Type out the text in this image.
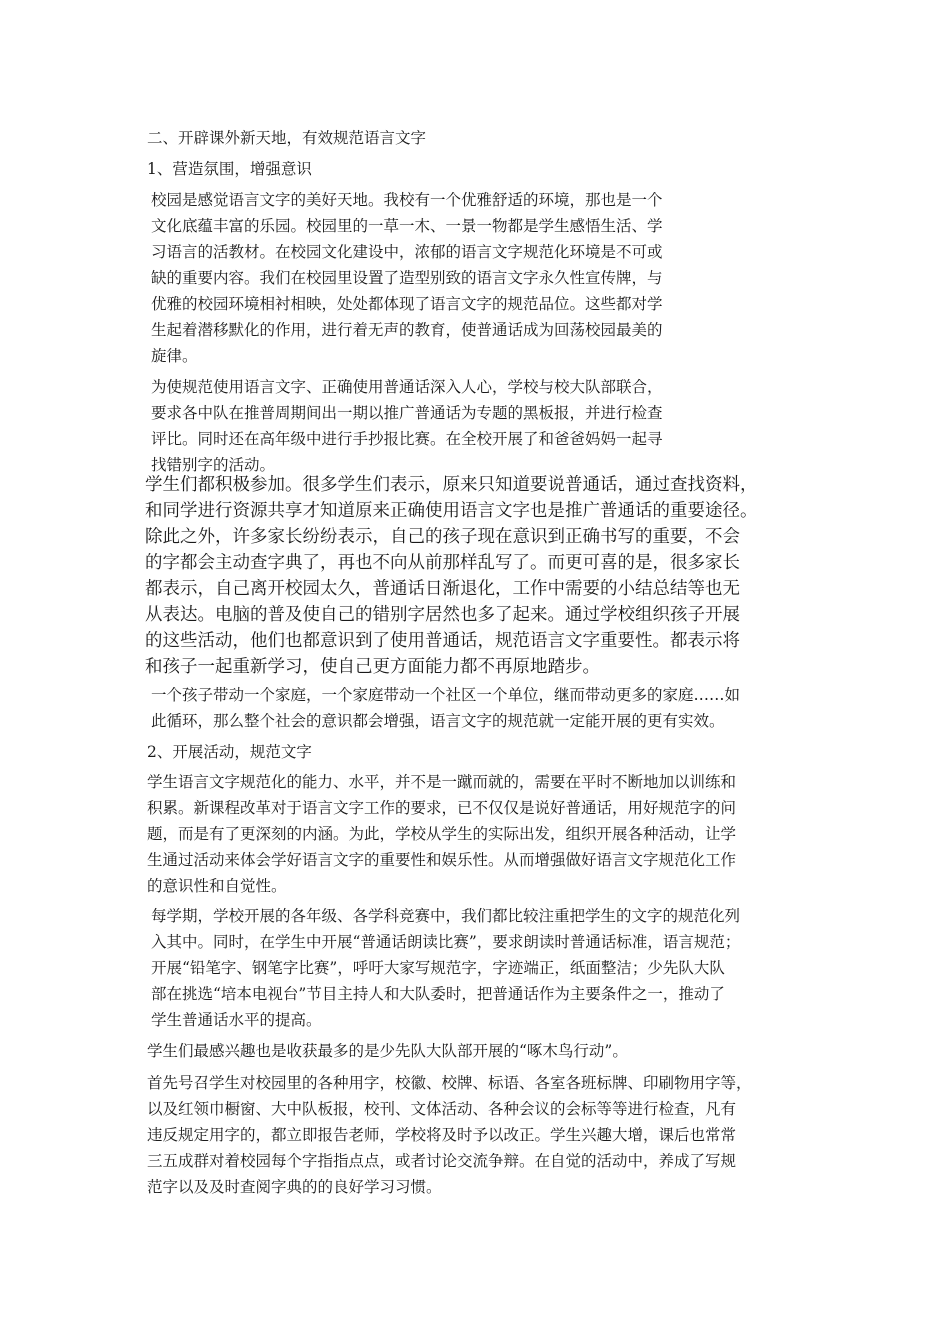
二、开辟课外新天地，有效规范语言文字

1、营造氛围，增强意识

校园是感觉语言文字的美好天地。我校有一个优雅舒适的环境，那也是一个

文化底蕴丰富的乐园。校园里的一草一木、一景一物都是学生感悟生活、学

习语言的活教材。在校园文化建设中，浓郁的语言文字规范化环境是不可或

缺的重要内容。我们在校园里设置了造型别致的语言文字永久性宣传牌，与

优雅的校园环境相衬相映，处处都体现了语言文字的规范品位。这些都对学

生起着潜移默化的作用，进行着无声的教育，使普通话成为回荡校园最美的

旋律。

为使规范使用语言文字、正确使用普通话深入人心，学校与校大队部联合，

要求各中队在推普周期间出一期以推广普通话为专题的黑板报，并进行检查

评比。同时还在高年级中进行手抄报比赛。在全校开展了和爸爸妈妈一起寻

找错别字的活动。

学生们都积极参加。很多学生们表示，原来只知道要说普通话，通过查找资料，

和同学进行资源共享才知道原来正确使用语言文字也是推广普通话的重要途径。

除此之外，许多家长纷纷表示，自己的孩子现在意识到正确书写的重要，不会

的字都会主动查字典了，再也不向从前那样乱写了。而更可喜的是，很多家长

都表示，自己离开校园太久，普通话日渐退化，工作中需要的小结总结等也无

从表达。电脑的普及使自己的错别字居然也多了起来。通过学校组织孩子开展

的这些活动，他们也都意识到了使用普通话，规范语言文字重要性。都表示将

和孩子一起重新学习，使自己更方面能力都不再原地踏步。

一个孩子带动一个家庭，一个家庭带动一个社区一个单位，继而带动更多的家庭……如

此循环，那么整个社会的意识都会增强，语言文字的规范就一定能开展的更有实效。

2、开展活动，规范文字

学生语言文字规范化的能力、水平，并不是一蹴而就的，需要在平时不断地加以训练和

积累。新课程改革对于语言文字工作的要求，已不仅仅是说好普通话，用好规范字的问

题，而是有了更深刻的内涵。为此，学校从学生的实际出发，组织开展各种活动，让学

生通过活动来体会学好语言文字的重要性和娱乐性。从而增强做好语言文字规范化工作

的意识性和自觉性。

每学期，学校开展的各年级、各学科竞赛中，我们都比较注重把学生的文字的规范化列

入其中。同时，在学生中开展“普通话朗读比赛”，要求朗读时普通话标准，语言规范；

开展“铅笔字、钢笔字比赛”，呼吁大家写规范字，字迹端正，纸面整洁；少先队大队

部在挑选“培本电视台”节目主持人和大队委时，把普通话作为主要条件之一，推动了

学生普通话水平的提高。

学生们最感兴趣也是收获最多的是少先队大队部开展的“啄木鸟行动”。

首先号召学生对校园里的各种用字，校徽、校牌、标语、各室各班标牌、印刷物用字等，

以及红领巾橱窗、大中队板报，校刊、文体活动、各种会议的会标等等进行检查，凡有

违反规定用字的，都立即报告老师，学校将及时予以改正。学生兴趣大增，课后也常常

三五成群对着校园每个字指指点点，或者讨论交流争辩。在自觉的活动中，养成了写规

范字以及及时查阅字典的的良好学习习惯。
